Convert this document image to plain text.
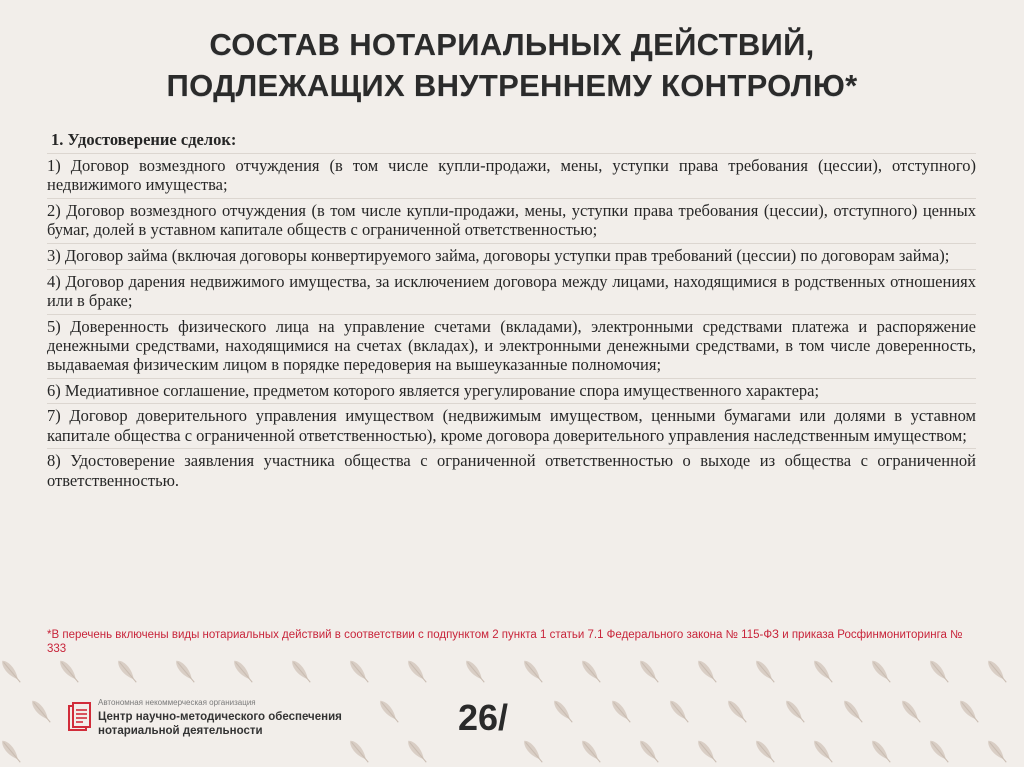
СОСТАВ НОТАРИАЛЬНЫХ ДЕЙСТВИЙ,
ПОДЛЕЖАЩИХ ВНУТРЕННЕМУ КОНТРОЛЮ*
1. Удостоверение сделок:
1) Договор возмездного отчуждения (в том числе купли-продажи, мены, уступки права требования (цессии), отступного) недвижимого имущества;
2) Договор возмездного отчуждения (в том числе купли-продажи, мены, уступки права требования (цессии), отступного) ценных бумаг, долей в уставном капитале обществ с ограниченной ответственностью;
3) Договор займа (включая договоры конвертируемого займа, договоры уступки прав требований (цессии) по договорам займа);
4) Договор дарения недвижимого имущества, за исключением договора между лицами, находящимися в родственных отношениях или в браке;
5) Доверенность физического лица на управление счетами (вкладами), электронными средствами платежа и распоряжение денежными средствами, находящимися на счетах (вкладах), и электронными денежными средствами, в том числе доверенность, выдаваемая физическим лицом в порядке передоверия на вышеуказанные полномочия;
6) Медиативное соглашение, предметом которого является урегулирование спора имущественного характера;
7) Договор доверительного управления имуществом (недвижимым имуществом, ценными бумагами или долями в уставном капитале общества с ограниченной ответственностью), кроме договора доверительного управления наследственным имуществом;
8) Удостоверение заявления участника общества с ограниченной ответственностью о выходе из общества с ограниченной ответственностью.
*В перечень включены виды нотариальных действий в соответствии с подпунктом 2 пункта 1 статьи 7.1 Федерального закона № 115-ФЗ и приказа Росфинмониторинга № 333
Автономная некоммерческая организация
Центр научно-методического обеспечения
нотариальной деятельности	26/
